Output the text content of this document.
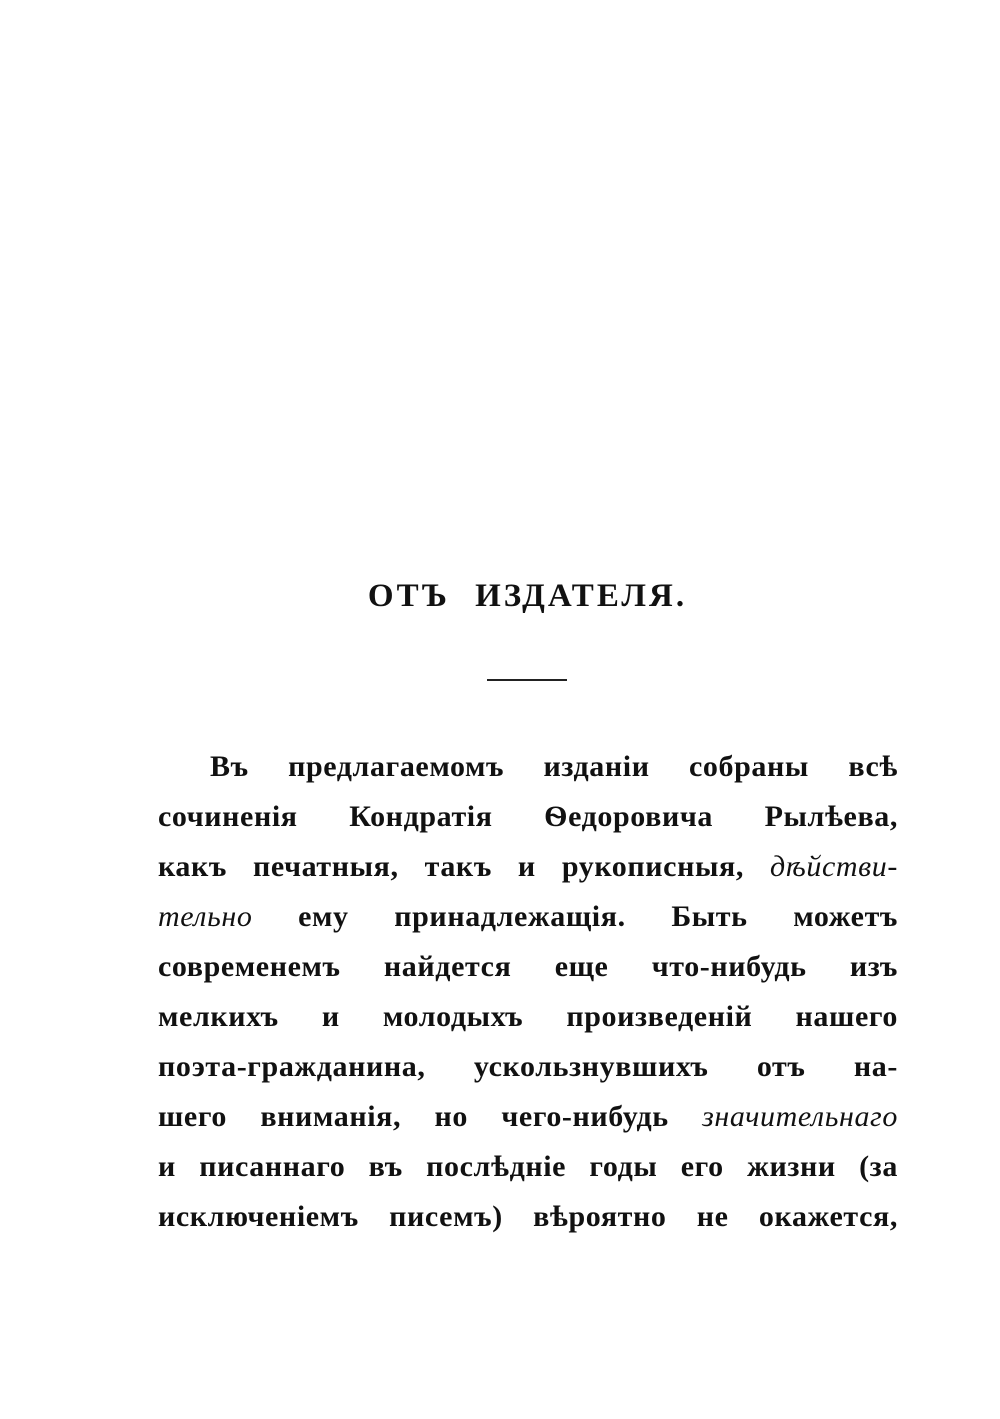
ОТЪ ИЗДАТЕЛЯ.
Въ предлагаемомъ изданіи собраны всѣ
сочиненія Кондратія Ѳедоровича Рылѣева,
какъ печатныя, такъ и рукописныя, дѣйстви-
тельно ему принадлежащія. Быть можетъ
современемъ найдется еще что-нибудь изъ
мелкихъ и молодыхъ произведеній нашего
поэта-гражданина, ускользнувшихъ отъ на-
шего вниманія, но чего-нибудь значительнаго
и писаннаго въ послѣдніе годы его жизни (за
исключеніемъ писемъ) вѣроятно не окажется,
